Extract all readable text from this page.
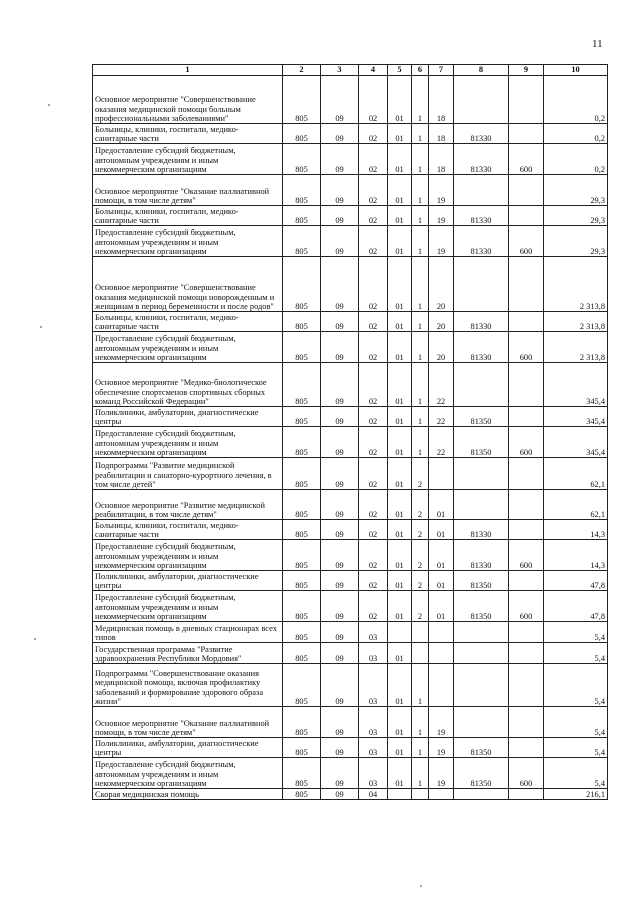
11
1	2	3	4	5	6	7	8	9	10
Основное мероприятие "Совершенствование оказания медицинской помощи больным профессиональными заболеваниями"	805	09	02	01	1	18			0,2
Больницы, клиники, госпитали, медико-санитарные части	805	09	02	01	1	18	81330		0,2
Предоставление субсидий бюджетным, автономным учреждениям и иным некоммерческим организациям	805	09	02	01	1	18	81330	600	0,2
Основное мероприятие "Оказание паллиативной помощи, в том числе детям"	805	09	02	01	1	19			29,3
Больницы, клиники, госпитали, медико-санитарные части	805	09	02	01	1	19	81330		29,3
Предоставление субсидий бюджетным, автономным учреждениям и иным некоммерческим организациям	805	09	02	01	1	19	81330	600	29,3
Основное мероприятие "Совершенствование оказания медицинской помощи новорожденным и женщинам в период беременности и после родов"	805	09	02	01	1	20			2 313,8
Больницы, клиники, госпитали, медико-санитарные части	805	09	02	01	1	20	81330		2 313,8
Предоставление субсидий бюджетным, автономным учреждениям и иным некоммерческим организациям	805	09	02	01	1	20	81330	600	2 313,8
Основное мероприятие "Медико-биологическое обеспечение спортсменов спортивных сборных команд Российской Федерации"	805	09	02	01	1	22			345,4
Поликлиники, амбулатории, диагностические центры	805	09	02	01	1	22	81350		345,4
Предоставление субсидий бюджетным, автономным учреждениям и иным некоммерческим организациям	805	09	02	01	1	22	81350	600	345,4
Подпрограмма "Развитие медицинской реабилитации и санаторно-курортного лечения, в том числе детей"	805	09	02	01	2				62,1
Основное мероприятие "Развитие медицинской реабилитации, в том числе детям"	805	09	02	01	2	01			62,1
Больницы, клиники, госпитали, медико-санитарные части	805	09	02	01	2	01	81330		14,3
Предоставление субсидий бюджетным, автономным учреждениям и иным некоммерческим организациям	805	09	02	01	2	01	81330	600	14,3
Поликлиники, амбулатории, диагностические центры	805	09	02	01	2	01	81350		47,8
Предоставление субсидий бюджетным, автономным учреждениям и иным некоммерческим организациям	805	09	02	01	2	01	81350	600	47,8
Медицинская помощь в дневных стационарах всех типов	805	09	03						5,4
Государственная программа "Развитие здравоохранения Республики Мордовия"	805	09	03	01					5,4
Подпрограмма "Совершенствование оказания медицинской помощи, включая профилактику заболеваний и формирование здорового образа жизни"	805	09	03	01	1				5,4
Основное мероприятие "Оказание паллиативной помощи, в том числе детям"	805	09	03	01	1	19			5,4
Поликлиники, амбулатории, диагностические центры	805	09	03	01	1	19	81350		5,4
Предоставление субсидий бюджетным, автономным учреждениям и иным некоммерческим организациям	805	09	03	01	1	19	81350	600	5,4
Скорая медицинская помощь	805	09	04						216,1
